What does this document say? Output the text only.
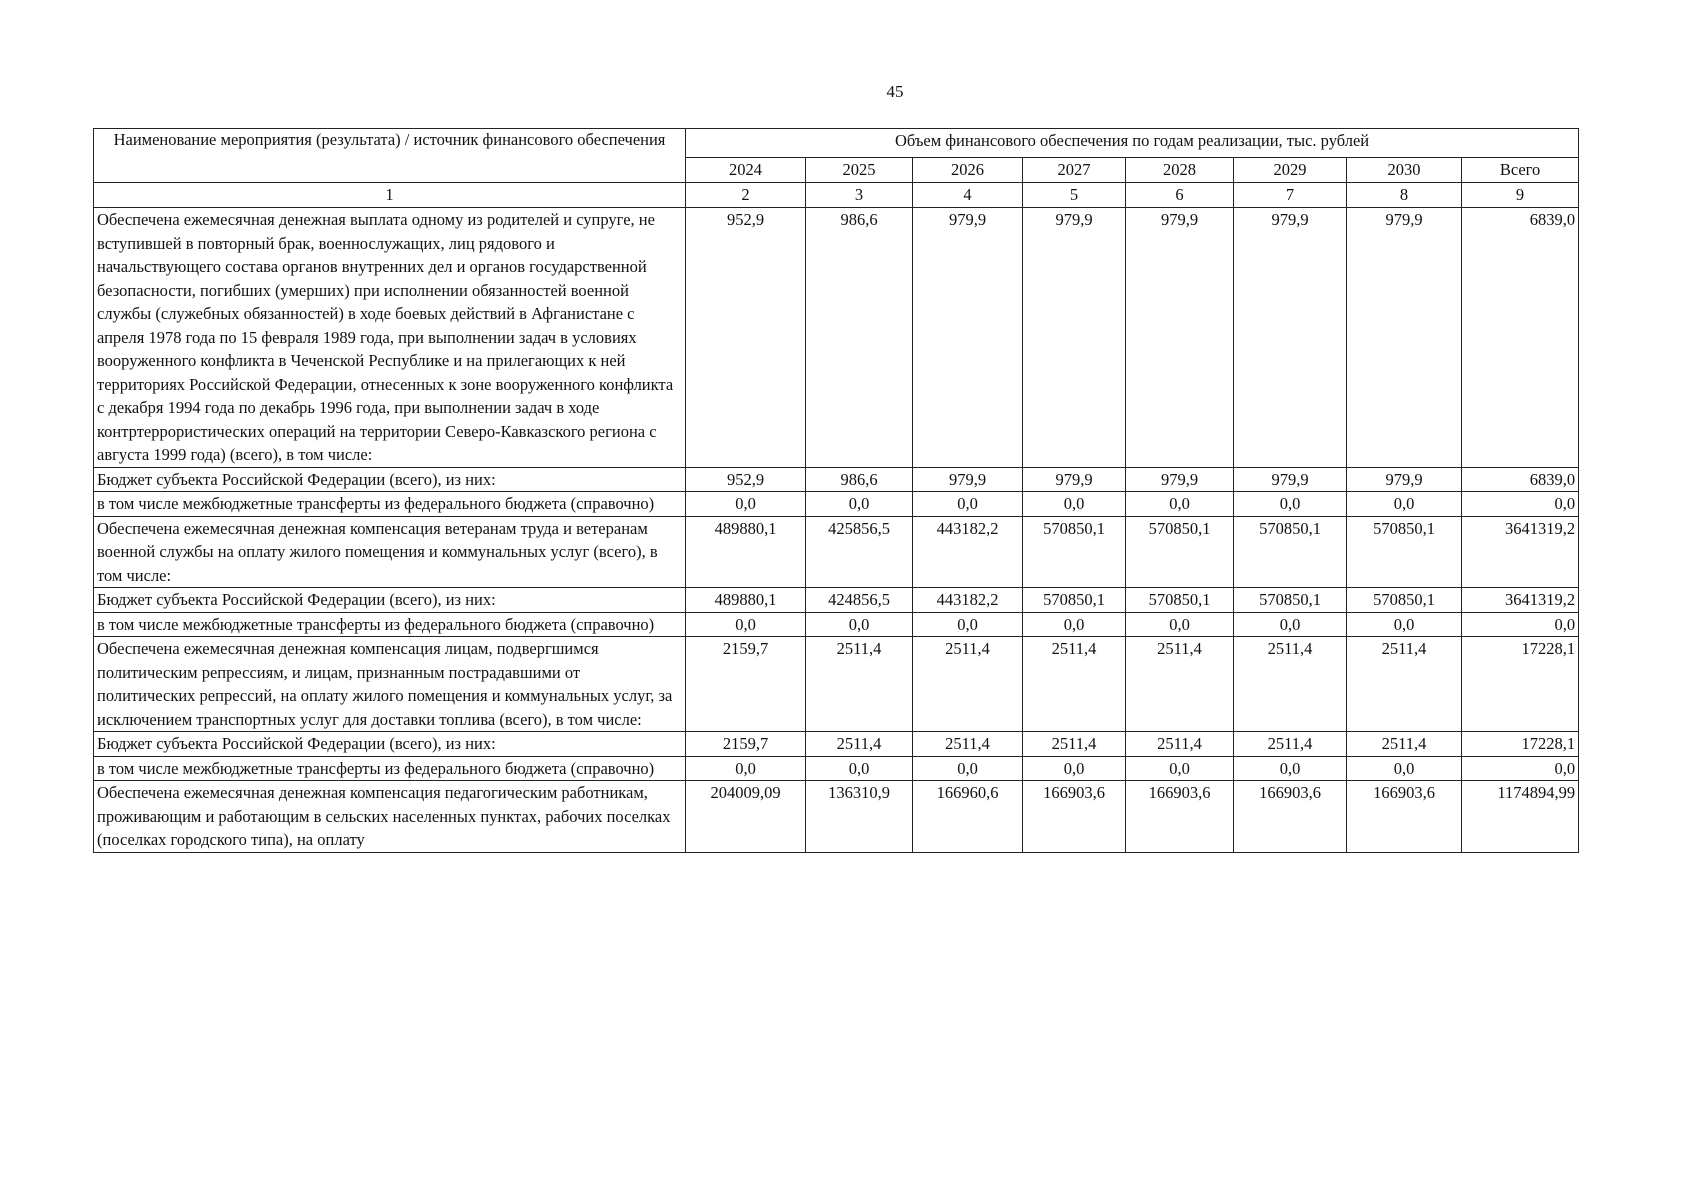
45
Наименование мероприятия (результата) / источник финансового обеспечения	Объем финансового обеспечения по годам реализации, тыс. рублей							
	2024	2025	2026	2027	2028	2029	2030	Всего
1	2	3	4	5	6	7	8	9
Обеспечена ежемесячная денежная выплата одному из родителей и супруге, не вступившей в повторный брак, военнослужащих, лиц рядового и начальствующего состава органов внутренних дел и органов государственной безопасности, погибших (умерших) при исполнении обязанностей военной службы (служебных обязанностей) в ходе боевых действий в Афганистане с апреля 1978 года по 15 февраля 1989 года, при выполнении задач в условиях вооруженного конфликта в Чеченской Республике и на прилегающих к ней территориях Российской Федерации, отнесенных к зоне вооруженного конфликта с декабря 1994 года по декабрь 1996 года, при выполнении задач в ходе контртеррористических операций на территории Северо-Кавказского региона с августа 1999 года) (всего), в том числе:	952,9	986,6	979,9	979,9	979,9	979,9	979,9	6839,0
Бюджет субъекта Российской Федерации (всего), из них:	952,9	986,6	979,9	979,9	979,9	979,9	979,9	6839,0
в том числе межбюджетные трансферты из федерального бюджета (справочно)	0,0	0,0	0,0	0,0	0,0	0,0	0,0	0,0
Обеспечена ежемесячная денежная компенсация ветеранам труда и ветеранам военной службы на оплату жилого помещения и коммунальных услуг (всего), в том числе:	489880,1	425856,5	443182,2	570850,1	570850,1	570850,1	570850,1	3641319,2
Бюджет субъекта Российской Федерации (всего), из них:	489880,1	424856,5	443182,2	570850,1	570850,1	570850,1	570850,1	3641319,2
в том числе межбюджетные трансферты из федерального бюджета (справочно)	0,0	0,0	0,0	0,0	0,0	0,0	0,0	0,0
Обеспечена ежемесячная денежная компенсация лицам, подвергшимся политическим репрессиям, и лицам, признанным пострадавшими от политических репрессий, на оплату жилого помещения и коммунальных услуг, за исключением транспортных услуг для доставки топлива (всего), в том числе:	2159,7	2511,4	2511,4	2511,4	2511,4	2511,4	2511,4	17228,1
Бюджет субъекта Российской Федерации (всего), из них:	2159,7	2511,4	2511,4	2511,4	2511,4	2511,4	2511,4	17228,1
в том числе межбюджетные трансферты из федерального бюджета (справочно)	0,0	0,0	0,0	0,0	0,0	0,0	0,0	0,0
Обеспечена ежемесячная денежная компенсация педагогическим работникам, проживающим и работающим в сельских населенных пунктах, рабочих поселках (поселках городского типа), на оплату	204009,09	136310,9	166960,6	166903,6	166903,6	166903,6	166903,6	1174894,99
